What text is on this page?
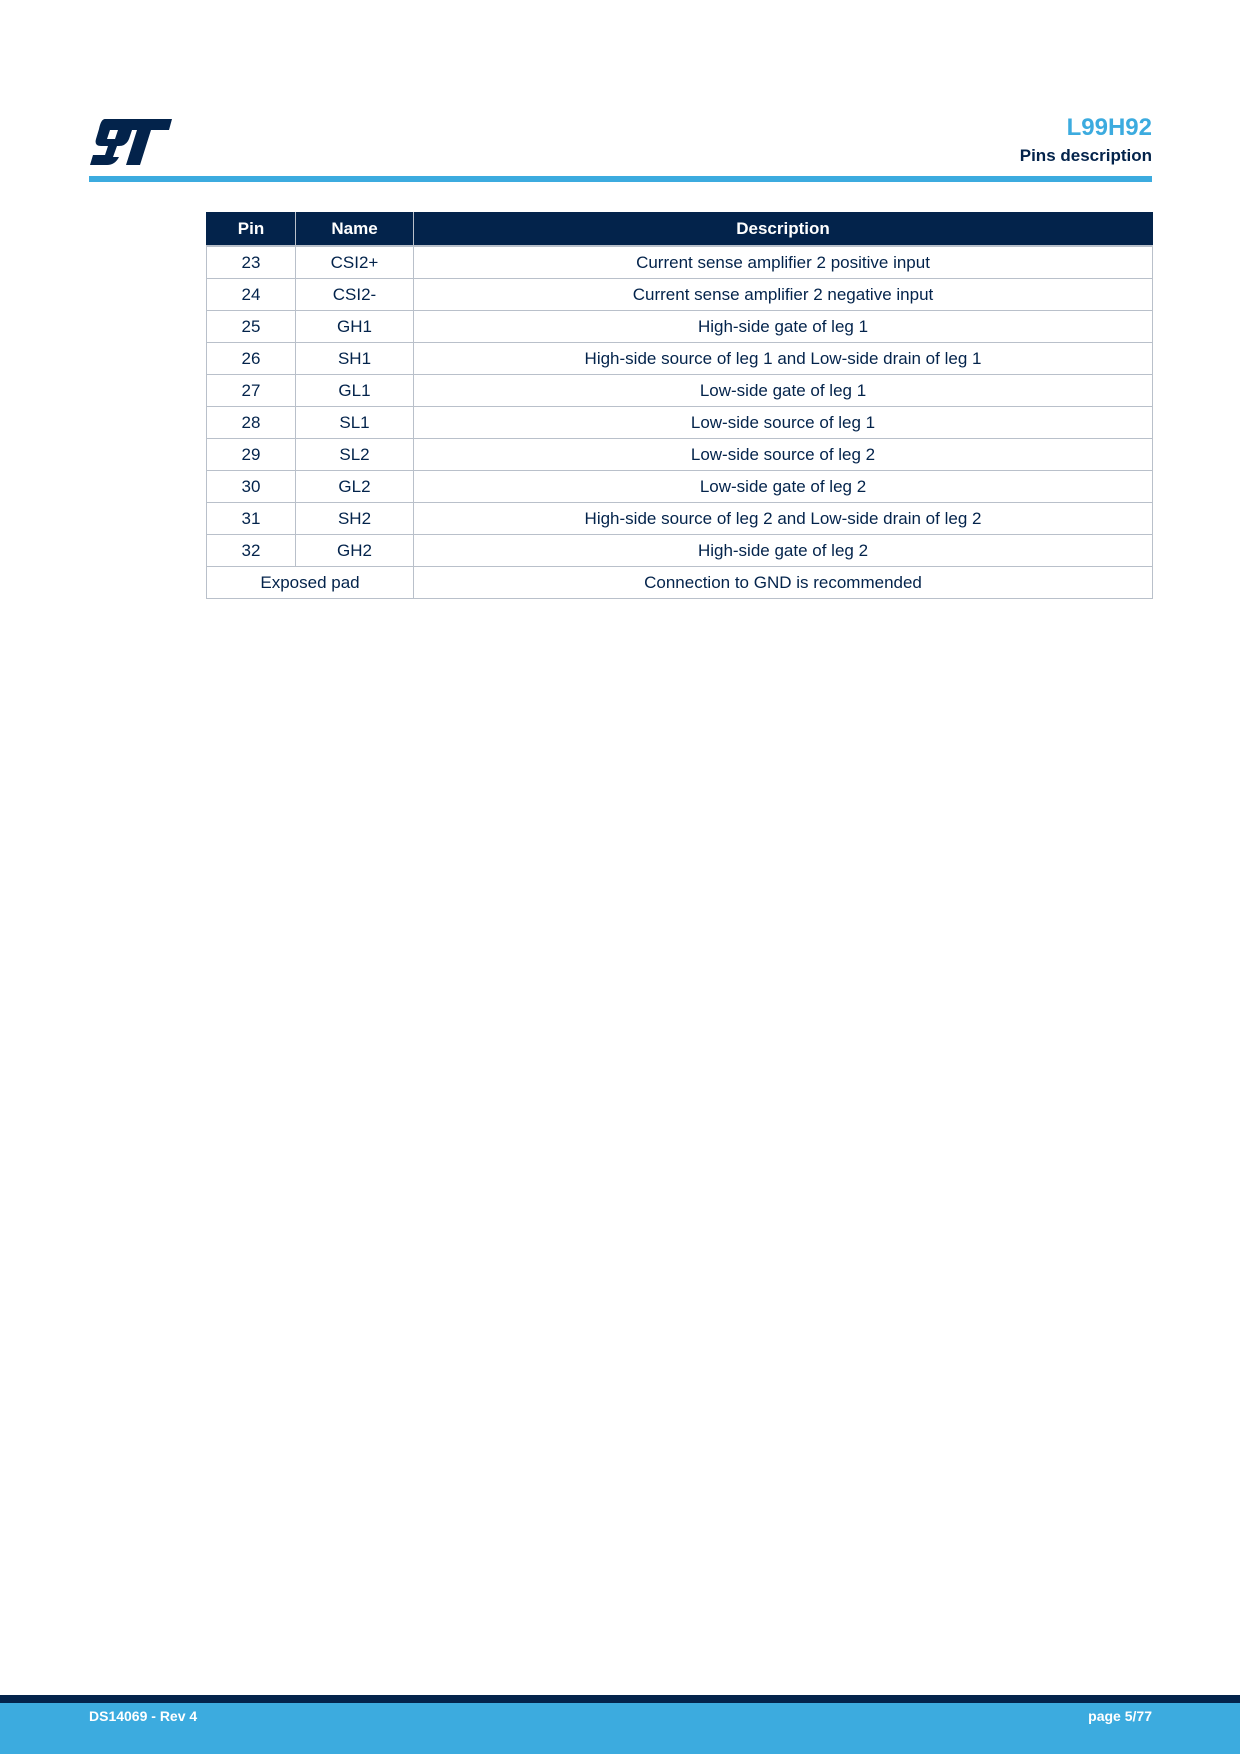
L99H92
Pins description
Pin	Name	Description
23	CSI2+	Current sense amplifier 2 positive input
24	CSI2-	Current sense amplifier 2 negative input
25	GH1	High-side gate of leg 1
26	SH1	High-side source of leg 1 and Low-side drain of leg 1
27	GL1	Low-side gate of leg 1
28	SL1	Low-side source of leg 1
29	SL2	Low-side source of leg 2
30	GL2	Low-side gate of leg 2
31	SH2	High-side source of leg 2 and Low-side drain of leg 2
32	GH2	High-side gate of leg 2
Exposed pad		Connection to GND is recommended
DS14069 - Rev 4	page 5/77
